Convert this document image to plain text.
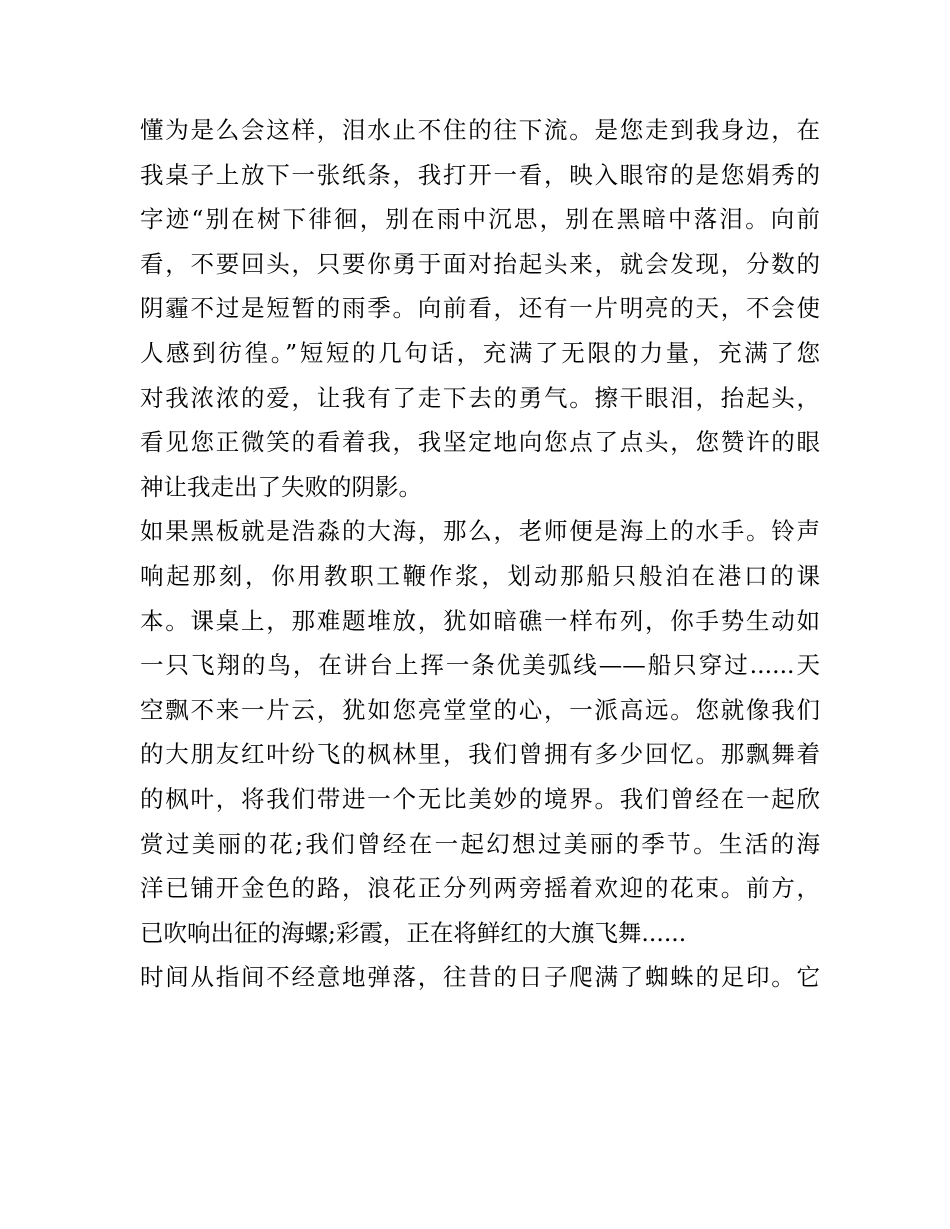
懂为是么会这样，泪水止不住的往下流。是您走到我身边，在
我桌子上放下一张纸条，我打开一看，映入眼帘的是您娟秀的
字迹“别在树下徘徊，别在雨中沉思，别在黑暗中落泪。向前
看，不要回头，只要你勇于面对抬起头来，就会发现，分数的
阴霾不过是短暂的雨季。向前看，还有一片明亮的天，不会使
人感到彷徨。”短短的几句话，充满了无限的力量，充满了您
对我浓浓的爱，让我有了走下去的勇气。擦干眼泪，抬起头，
看见您正微笑的看着我，我坚定地向您点了点头，您赞许的眼
神让我走出了失败的阴影。
如果黑板就是浩淼的大海，那么，老师便是海上的水手。铃声
响起那刻，你用教职工鞭作浆，划动那船只般泊在港口的课
本。课桌上，那难题堆放，犹如暗礁一样布列，你手势生动如
一只飞翔的鸟，在讲台上挥一条优美弧线——船只穿过......天
空飘不来一片云，犹如您亮堂堂的心，一派高远。您就像我们
的大朋友红叶纷飞的枫林里，我们曾拥有多少回忆。那飘舞着
的枫叶，将我们带进一个无比美妙的境界。我们曾经在一起欣
赏过美丽的花;我们曾经在一起幻想过美丽的季节。生活的海
洋已铺开金色的路，浪花正分列两旁摇着欢迎的花束。前方，
已吹响出征的海螺;彩霞，正在将鲜红的大旗飞舞......
时间从指间不经意地弹落，往昔的日子爬满了蜘蛛的足印。它
